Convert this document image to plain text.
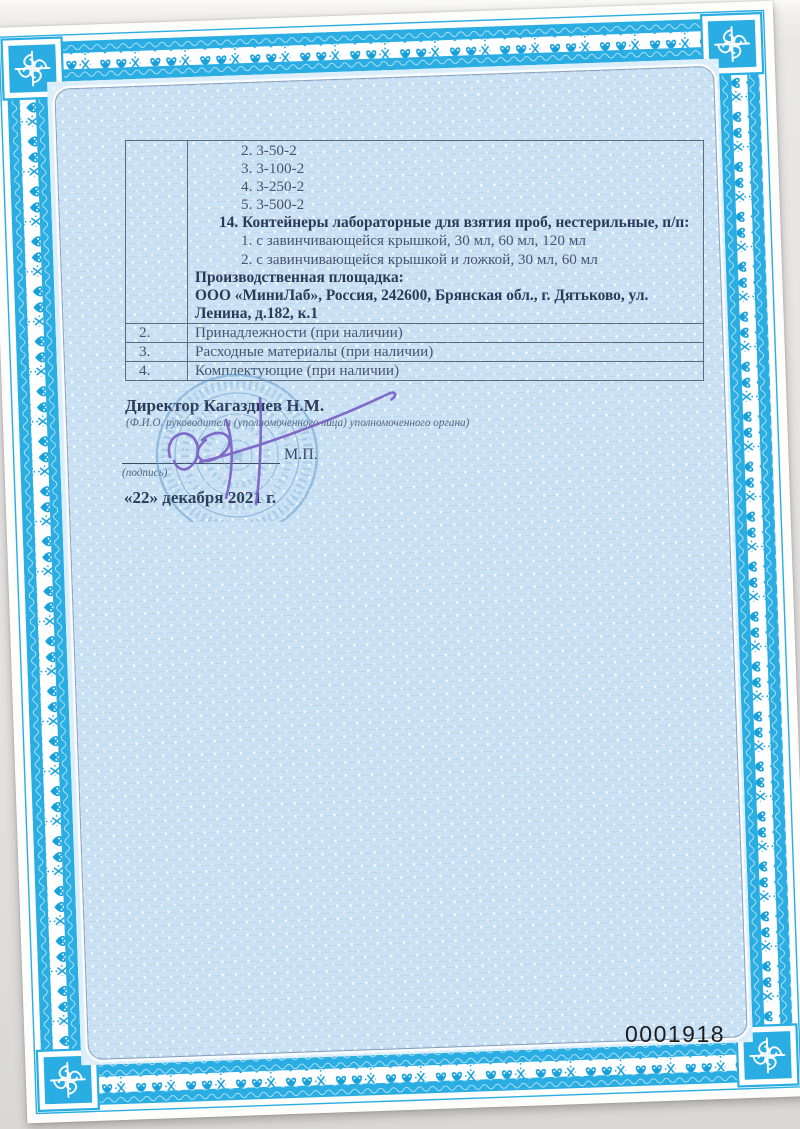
2. 3-50-2
3. 3-100-2
4. 3-250-2
5. 3-500-2
14. Контейнеры лабораторные для взятия проб, нестерильные, п/п:
1. с завинчивающейся крышкой, 30 мл, 60 мл, 120 мл
2. с завинчивающейся крышкой и ложкой, 30 мл, 60 мл
Производственная площадка:
ООО «МиниЛаб», Россия, 242600, Брянская обл., г. Дятьково, ул. Ленина, д.182, к.1

2.	Принадлежности (при наличии)
3.	Расходные материалы (при наличии)
4.	Комплектующие (при наличии)
Директор Кагаздиев Н.М.
(Ф.И.О. руководителя (уполномоченного лица) уполномоченного органа)
М.П.
(подпись)
«22» декабря 2021 г.
0001918
